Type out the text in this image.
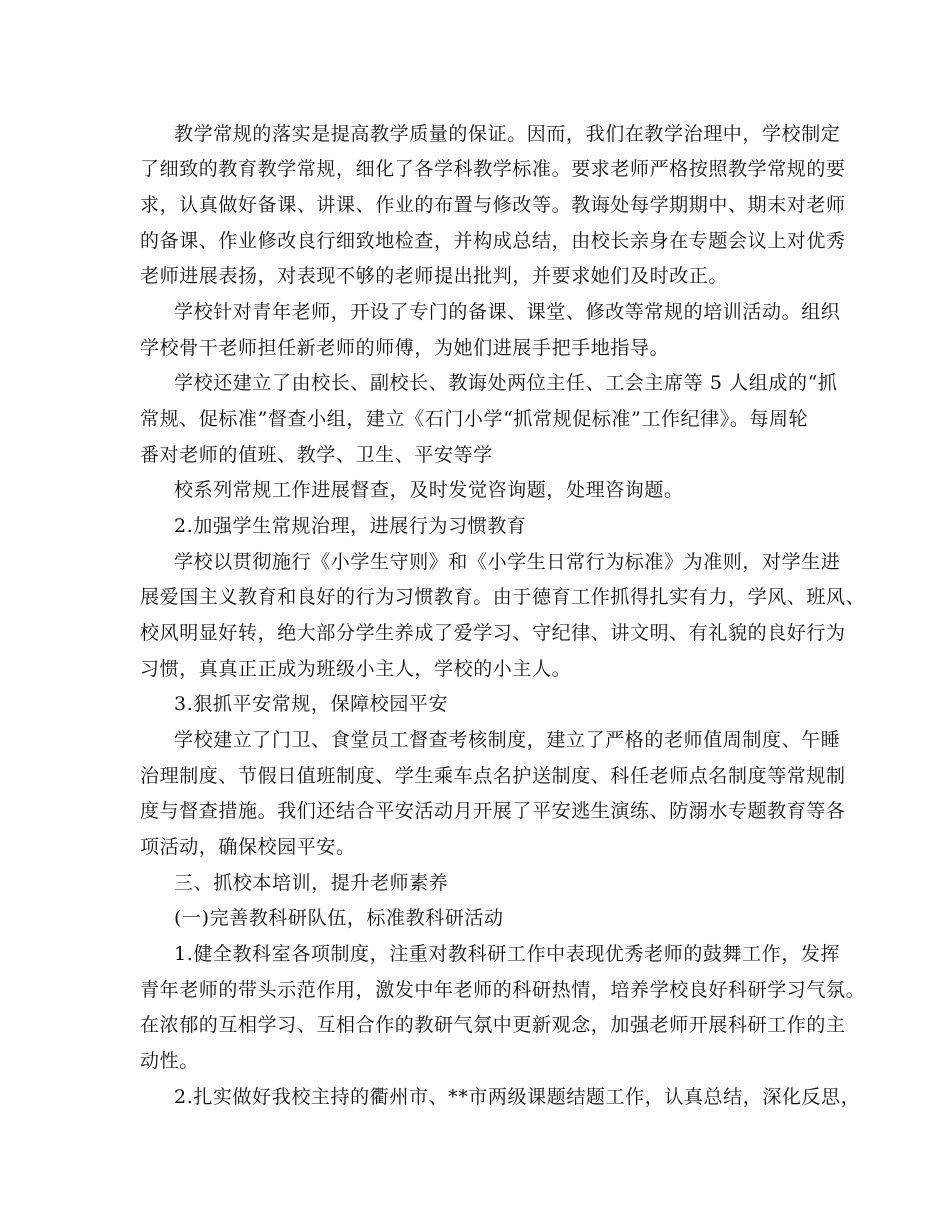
教学常规的落实是提高教学质量的保证。因而，我们在教学治理中，学校制定
了细致的教育教学常规，细化了各学科教学标准。要求老师严格按照教学常规的要
求，认真做好备课、讲课、作业的布置与修改等。教诲处每学期期中、期末对老师
的备课、作业修改良行细致地检查，并构成总结，由校长亲身在专题会议上对优秀
老师进展表扬，对表现不够的老师提出批判，并要求她们及时改正。
学校针对青年老师，开设了专门的备课、课堂、修改等常规的培训活动。组织
学校骨干老师担任新老师的师傅，为她们进展手把手地指导。
学校还建立了由校长、副校长、教诲处两位主任、工会主席等 5 人组成的“抓
常规、促标准”督查小组，建立《石门小学“抓常规促标准”工作纪律》。每周轮
番对老师的值班、教学、卫生、平安等学
校系列常规工作进展督查，及时发觉咨询题，处理咨询题。
2.加强学生常规治理，进展行为习惯教育
学校以贯彻施行《小学生守则》和《小学生日常行为标准》为准则，对学生进
展爱国主义教育和良好的行为习惯教育。由于德育工作抓得扎实有力，学风、班风、
校风明显好转，绝大部分学生养成了爱学习、守纪律、讲文明、有礼貌的良好行为
习惯，真真正正成为班级小主人，学校的小主人。
3.狠抓平安常规，保障校园平安
学校建立了门卫、食堂员工督查考核制度，建立了严格的老师值周制度、午睡
治理制度、节假日值班制度、学生乘车点名护送制度、科任老师点名制度等常规制
度与督查措施。我们还结合平安活动月开展了平安逃生演练、防溺水专题教育等各
项活动，确保校园平安。
三、抓校本培训，提升老师素养
(一)完善教科研队伍，标准教科研活动
1.健全教科室各项制度，注重对教科研工作中表现优秀老师的鼓舞工作，发挥
青年老师的带头示范作用，激发中年老师的科研热情，培养学校良好科研学习气氛。
在浓郁的互相学习、互相合作的教研气氛中更新观念，加强老师开展科研工作的主
动性。
2.扎实做好我校主持的衢州市、**市两级课题结题工作，认真总结，深化反思，
